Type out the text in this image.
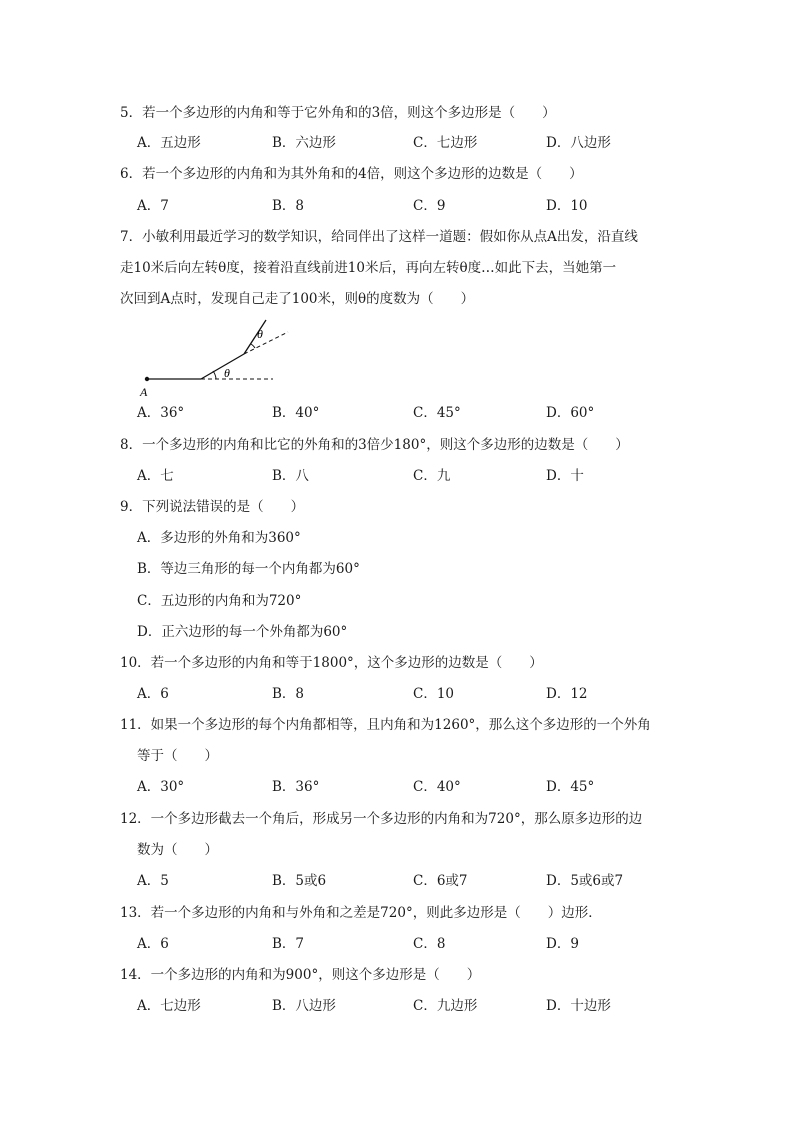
5．若一个多边形的内角和等于它外角和的3倍，则这个多边形是（　　）
A．五边形	B．六边形	C．七边形	D．八边形
6．若一个多边形的内角和为其外角和的4倍，则这个多边形的边数是（　　）
A．7	B．8	C．9	D．10
7．小敏利用最近学习的数学知识，给同伴出了这样一道题：假如你从点A出发，沿直线
走10米后向左转θ度，接着沿直线前进10米后，再向左转θ度…如此下去，当她第一
次回到A点时，发现自己走了100米，则θ的度数为（　　）
A
θ
θ
A．36°	B．40°	C．45°	D．60°
8．一个多边形的内角和比它的外角和的3倍少180°，则这个多边形的边数是（　　）
A．七	B．八	C．九	D．十
9．下列说法错误的是（　　）
A．多边形的外角和为360°
B．等边三角形的每一个内角都为60°
C．五边形的内角和为720°
D．正六边形的每一个外角都为60°
10．若一个多边形的内角和等于1800°，这个多边形的边数是（　　）
A．6	B．8	C．10	D．12
11．如果一个多边形的每个内角都相等，且内角和为1260°，那么这个多边形的一个外角
等于（　　）
A．30°	B．36°	C．40°	D．45°
12．一个多边形截去一个角后，形成另一个多边形的内角和为720°，那么原多边形的边
数为（　　）
A．5	B．5或6	C．6或7	D．5或6或7
13．若一个多边形的内角和与外角和之差是720°，则此多边形是（　　）边形．
A．6	B．7	C．8	D．9
14．一个多边形的内角和为900°，则这个多边形是（　　）
A．七边形	B．八边形	C．九边形	D．十边形
